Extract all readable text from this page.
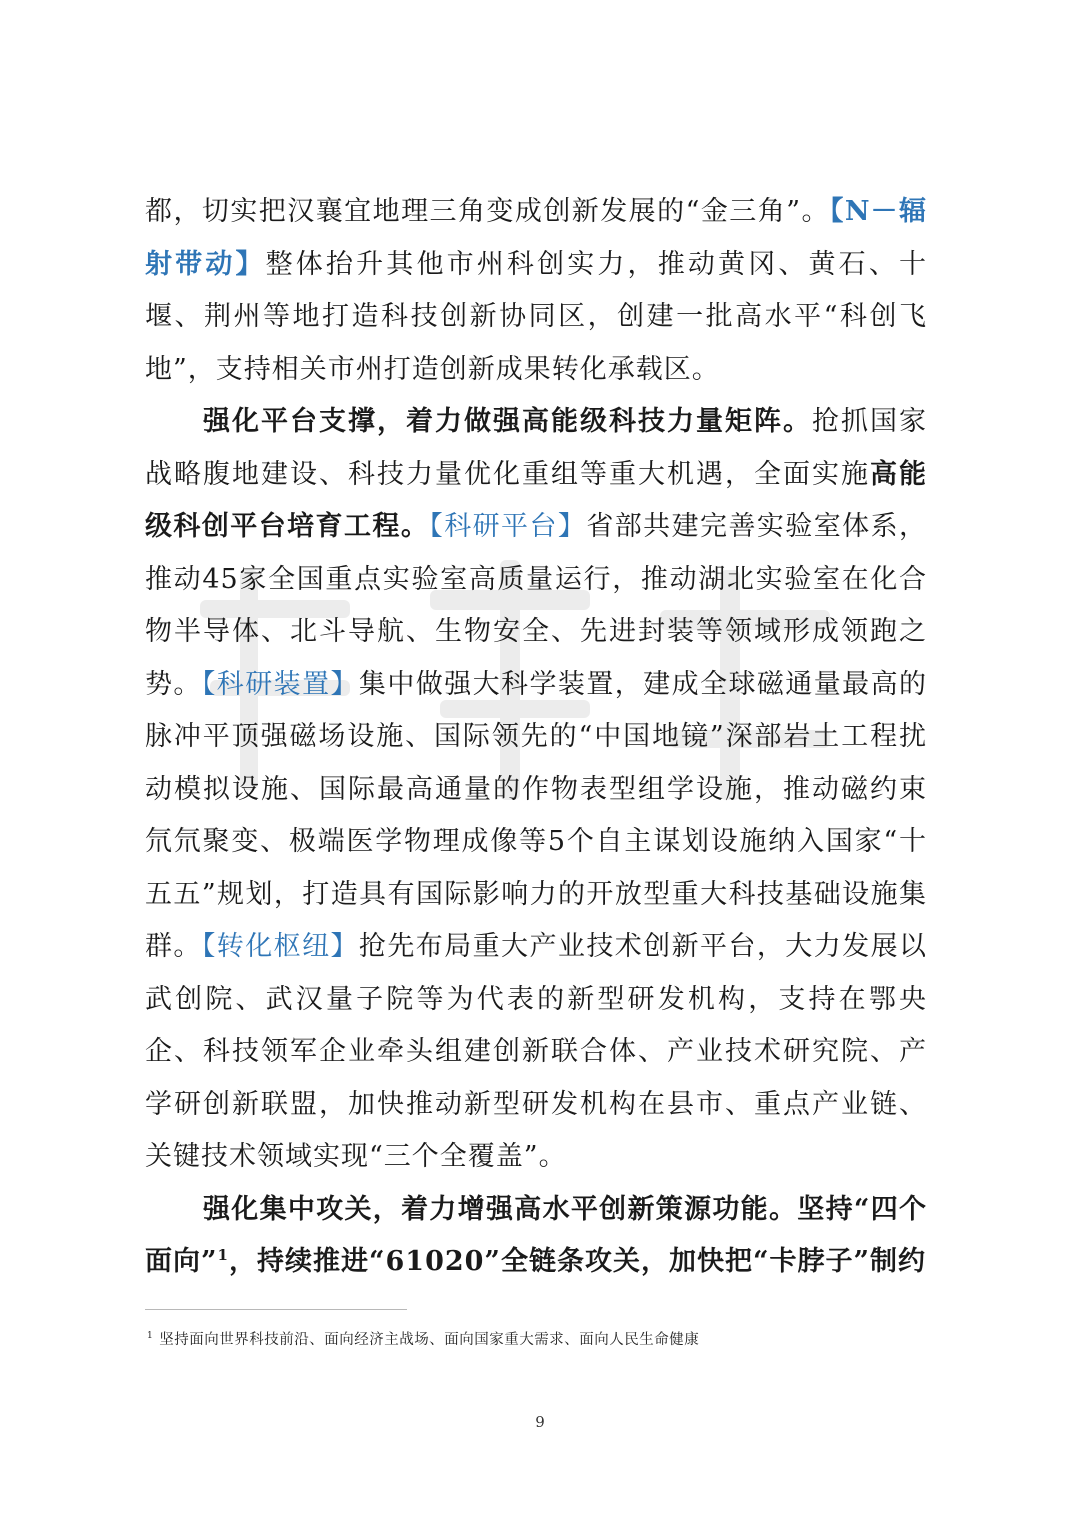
都，切实把汉襄宜地理三角变成创新发展的“金三角”。【N－辐射带动】整体抬升其他市州科创实力，推动黄冈、黄石、十堰、荆州等地打造科技创新协同区，创建一批高水平“科创飞地”，支持相关市州打造创新成果转化承载区。

强化平台支撑，着力做强高能级科技力量矩阵。抢抓国家战略腹地建设、科技力量优化重组等重大机遇，全面实施高能级科创平台培育工程。【科研平台】省部共建完善实验室体系，推动45家全国重点实验室高质量运行，推动湖北实验室在化合物半导体、北斗导航、生物安全、先进封装等领域形成领跑之势。【科研装置】集中做强大科学装置，建成全球磁通量最高的脉冲平顶强磁场设施、国际领先的“中国地镜”深部岩土工程扰动模拟设施、国际最高通量的作物表型组学设施，推动磁约束氘氘聚变、极端医学物理成像等5个自主谋划设施纳入国家“十五五”规划，打造具有国际影响力的开放型重大科技基础设施集群。【转化枢纽】抢先布局重大产业技术创新平台，大力发展以武创院、武汉量子院等为代表的新型研发机构，支持在鄂央企、科技领军企业牵头组建创新联合体、产业技术研究院、产学研创新联盟，加快推动新型研发机构在县市、重点产业链、关键技术领域实现“三个全覆盖”。

强化集中攻关，着力增强高水平创新策源功能。坚持“四个面向”$^1$，持续推进“61020”全链条攻关，加快把“卡脖子”制约

$^1$ 坚持面向世界科技前沿、面向经济主战场、面向国家重大需求、面向人民生命健康
9
